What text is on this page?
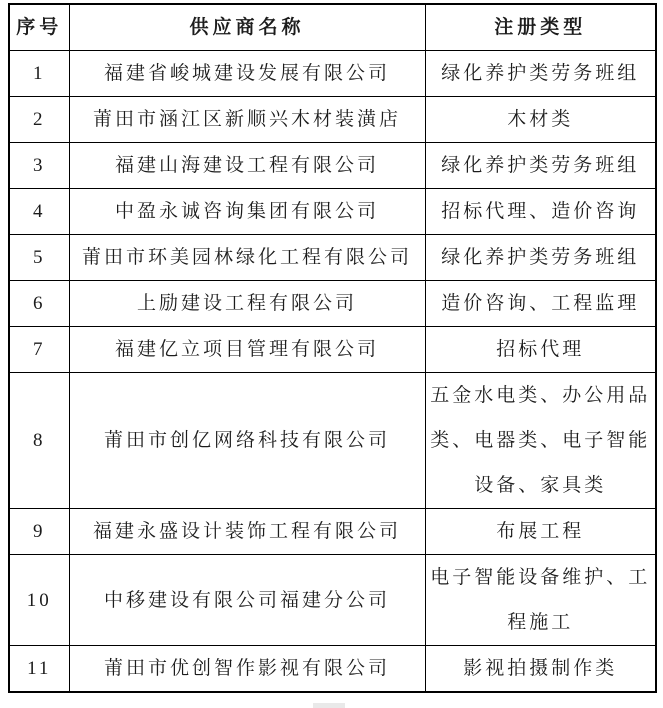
序号	供应商名称	注册类型
1	福建省峻城建设发展有限公司	绿化养护类劳务班组
2	莆田市涵江区新顺兴木材装潢店	木材类
3	福建山海建设工程有限公司	绿化养护类劳务班组
4	中盈永诚咨询集团有限公司	招标代理、造价咨询
5	莆田市环美园林绿化工程有限公司	绿化养护类劳务班组
6	上励建设工程有限公司	造价咨询、工程监理
7	福建亿立项目管理有限公司	招标代理
8	莆田市创亿网络科技有限公司	五金水电类、办公用品类、电器类、电子智能设备、家具类
9	福建永盛设计装饰工程有限公司	布展工程
10	中移建设有限公司福建分公司	电子智能设备维护、工程施工
11	莆田市优创智作影视有限公司	影视拍摄制作类
